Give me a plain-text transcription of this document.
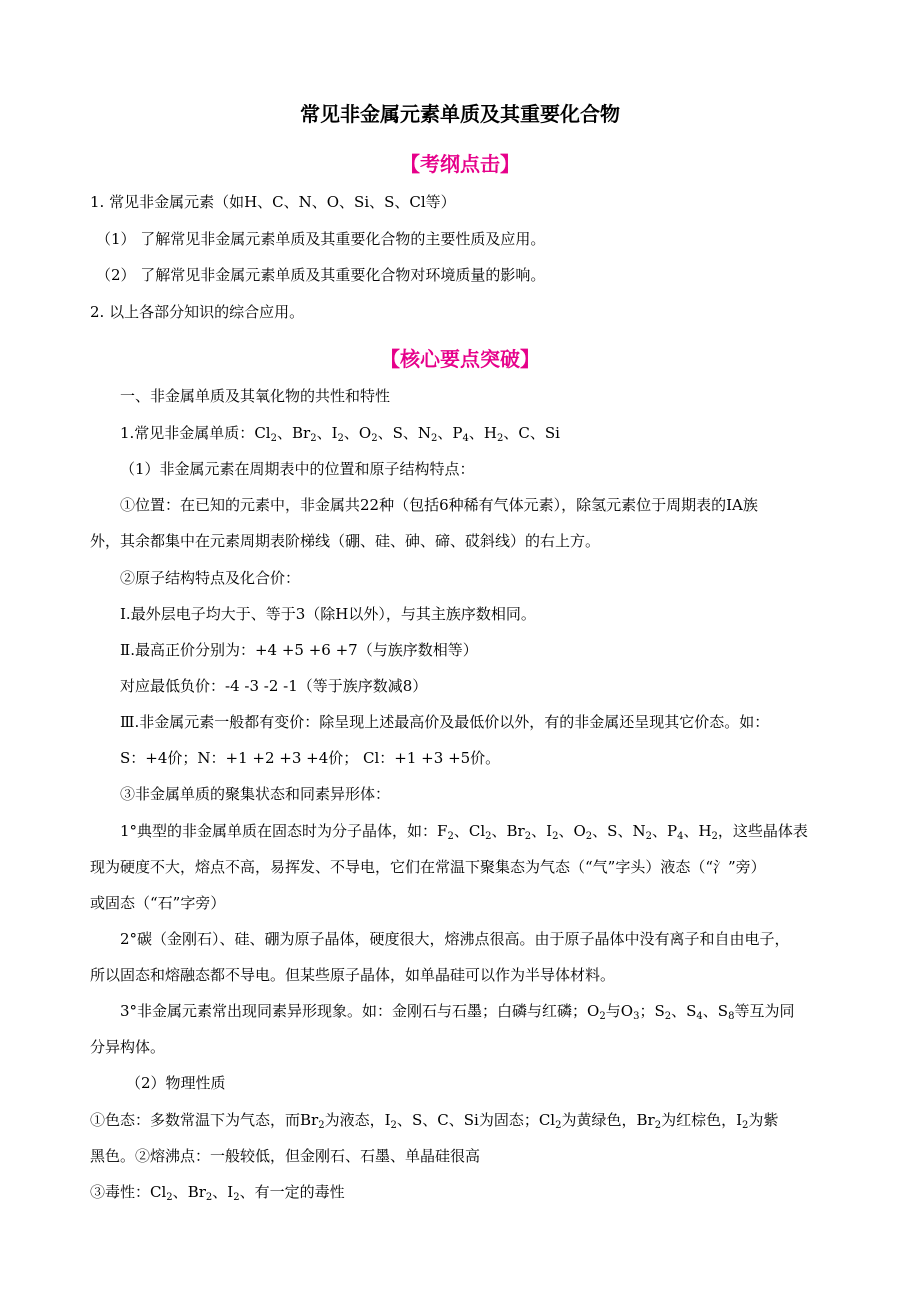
常见非金属元素单质及其重要化合物
【考纲点击】
1. 常见非金属元素（如H、C、N、O、Si、S、Cl等）
（1） 了解常见非金属元素单质及其重要化合物的主要性质及应用。
（2） 了解常见非金属元素单质及其重要化合物对环境质量的影响。
2. 以上各部分知识的综合应用。
【核心要点突破】
一、非金属单质及其氧化物的共性和特性
1.常见非金属单质：$Cl_2$、$Br_2$、$I_2$、$O_2$、S、$N_2$、$P_4$、$H_2$、C、Si
（1）非金属元素在周期表中的位置和原子结构特点：
①位置：在已知的元素中，非金属共22种（包括6种稀有气体元素），除氢元素位于周期表的ⅠA族
外，其余都集中在元素周期表阶梯线（硼、硅、砷、碲、砹斜线）的右上方。
②原子结构特点及化合价：
Ⅰ.最外层电子均大于、等于3（除H以外），与其主族序数相同。
Ⅱ.最高正价分别为：+4 +5 +6 +7（与族序数相等）
对应最低负价：-4 -3 -2 -1（等于族序数减8）
Ⅲ.非金属元素一般都有变价：除呈现上述最高价及最低价以外，有的非金属还呈现其它价态。如：
S：+4价；N：+1 +2 +3 +4价； Cl：+1 +3 +5价。
③非金属单质的聚集状态和同素异形体：
1°典型的非金属单质在固态时为分子晶体，如：$F_2$、$Cl_2$、$Br_2$、$I_2$、$O_2$、S、$N_2$、$P_4$、$H_2$，这些晶体表
现为硬度不大，熔点不高，易挥发、不导电，它们在常温下聚集态为气态（“气”字头）液态（“氵”旁）
或固态（“石”字旁）
2°碳（金刚石）、硅、硼为原子晶体，硬度很大，熔沸点很高。由于原子晶体中没有离子和自由电子，
所以固态和熔融态都不导电。但某些原子晶体，如单晶硅可以作为半导体材料。
3°非金属元素常出现同素异形现象。如：金刚石与石墨；白磷与红磷；$O_2$与$O_3$；$S_2$、$S_4$、$S_8$等互为同
分异构体。
（2）物理性质
①色态：多数常温下为气态，而$Br_2$为液态，$I_2$、S、C、Si为固态；$Cl_2$为黄绿色，$Br_2$为红棕色，$I_2$为紫
黑色。②熔沸点：一般较低，但金刚石、石墨、单晶硅很高
③毒性：$Cl_2$、$Br_2$、$I_2$、有一定的毒性
